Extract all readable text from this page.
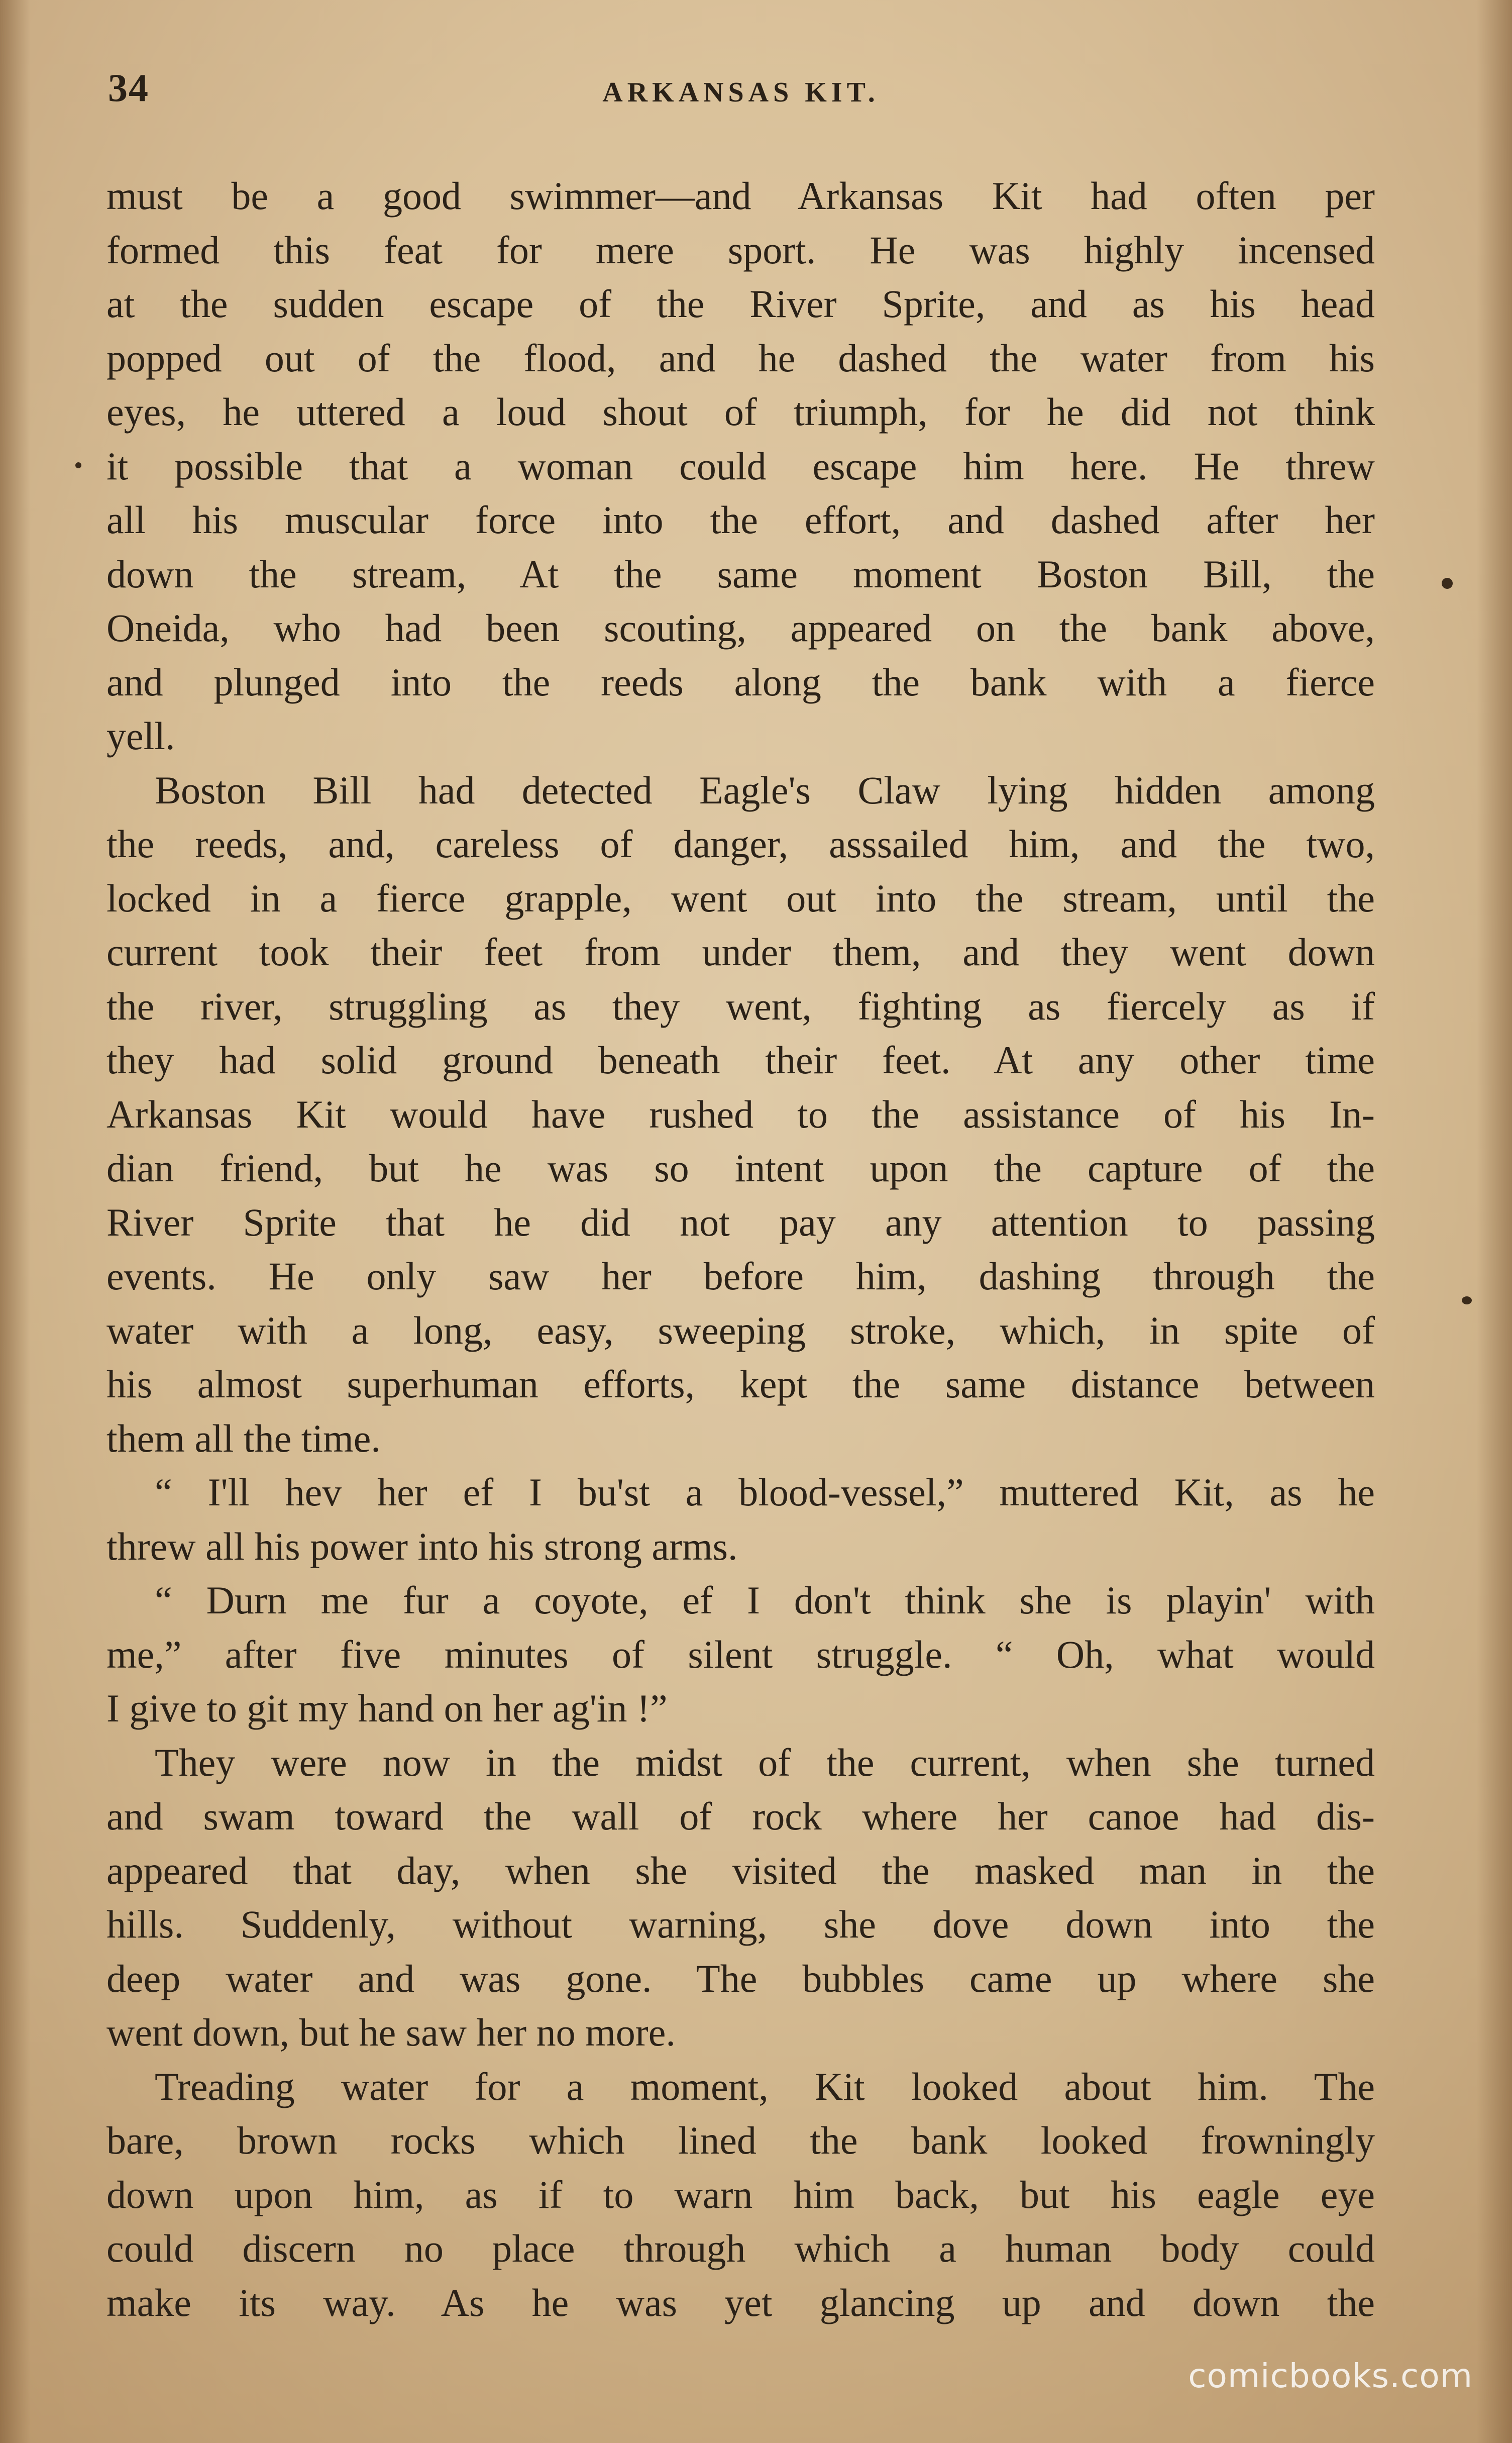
34	ARKANSAS KIT.
must be a good swimmer—and Arkansas Kit had often per
formed this feat for mere sport. He was highly incensed
at the sudden escape of the River Sprite, and as his head
popped out of the flood, and he dashed the water from his
eyes, he uttered a loud shout of triumph, for he did not think
it possible that a woman could escape him here. He threw
all his muscular force into the effort, and dashed after her
down the stream, At the same moment Boston Bill, the
Oneida, who had been scouting, appeared on the bank above,
and plunged into the reeds along the bank with a fierce
yell.
Boston Bill had detected Eagle's Claw lying hidden among
the reeds, and, careless of danger, asssailed him, and the two,
locked in a fierce grapple, went out into the stream, until the
current took their feet from under them, and they went down
the river, struggling as they went, fighting as fiercely as if
they had solid ground beneath their feet. At any other time
Arkansas Kit would have rushed to the assistance of his In-
dian friend, but he was so intent upon the capture of the
River Sprite that he did not pay any attention to passing
events. He only saw her before him, dashing through the
water with a long, easy, sweeping stroke, which, in spite of
his almost superhuman efforts, kept the same distance between
them all the time.
“ I'll hev her ef I bu'st a blood-vessel,” muttered Kit, as he
threw all his power into his strong arms.
“ Durn me fur a coyote, ef I don't think she is playin' with
me,” after five minutes of silent struggle. “ Oh, what would
I give to git my hand on her ag'in !”
They were now in the midst of the current, when she turned
and swam toward the wall of rock where her canoe had dis-
appeared that day, when she visited the masked man in the
hills. Suddenly, without warning, she dove down into the
deep water and was gone. The bubbles came up where she
went down, but he saw her no more.
Treading water for a moment, Kit looked about him. The
bare, brown rocks which lined the bank looked frowningly
down upon him, as if to warn him back, but his eagle eye
could discern no place through which a human body could
make its way. As he was yet glancing up and down the
comicbooks.com
